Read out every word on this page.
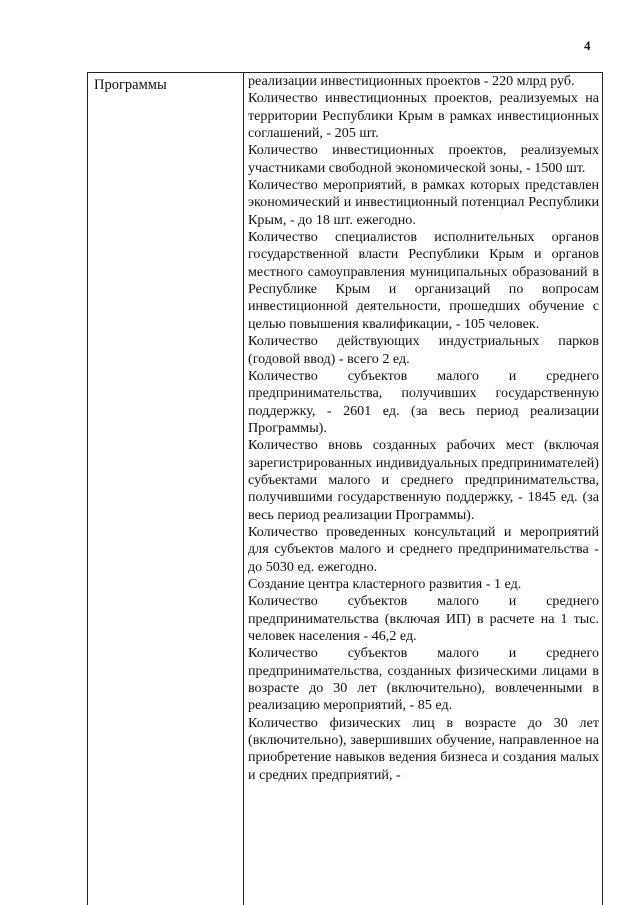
4
Программы	реализации инвестиционных проектов - 220 млрд руб.

Количество инвестиционных проектов, реализуемых на территории Республики Крым в рамках инвестиционных соглашений, - 205 шт.

Количество инвестиционных проектов, реализуемых участниками свободной экономической зоны, - 1500 шт.

Количество мероприятий, в рамках которых представлен экономический и инвестиционный потенциал Республики Крым, - до 18 шт. ежегодно.

Количество специалистов исполнительных органов государственной власти Республики Крым и органов местного самоуправления муниципальных образований в Республике Крым и организаций по вопросам инвестиционной деятельности, прошедших обучение с целью повышения квалификации, - 105 человек.

Количество действующих индустриальных парков (годовой ввод) - всего 2 ед.

Количество субъектов малого и среднего предпринимательства, получивших государственную поддержку, - 2601 ед. (за весь период реализации Программы).

Количество вновь созданных рабочих мест (включая зарегистрированных индивидуальных предпринимателей) субъектами малого и среднего предпринимательства, получившими государственную поддержку, - 1845 ед. (за весь период реализации Программы).

Количество проведенных консультаций и мероприятий для субъектов малого и среднего предпринимательства - до 5030 ед. ежегодно.

Создание центра кластерного развития - 1 ед.

Количество субъектов малого и среднего предпринимательства (включая ИП) в расчете на 1 тыс. человек населения - 46,2 ед.

Количество субъектов малого и среднего предпринимательства, созданных физическими лицами в возрасте до 30 лет (включительно), вовлеченными в реализацию мероприятий, - 85 ед.

Количество физических лиц в возрасте до 30 лет (включительно), завершивших обучение, направленное на приобретение навыков ведения бизнеса и создания малых и средних предприятий, -
